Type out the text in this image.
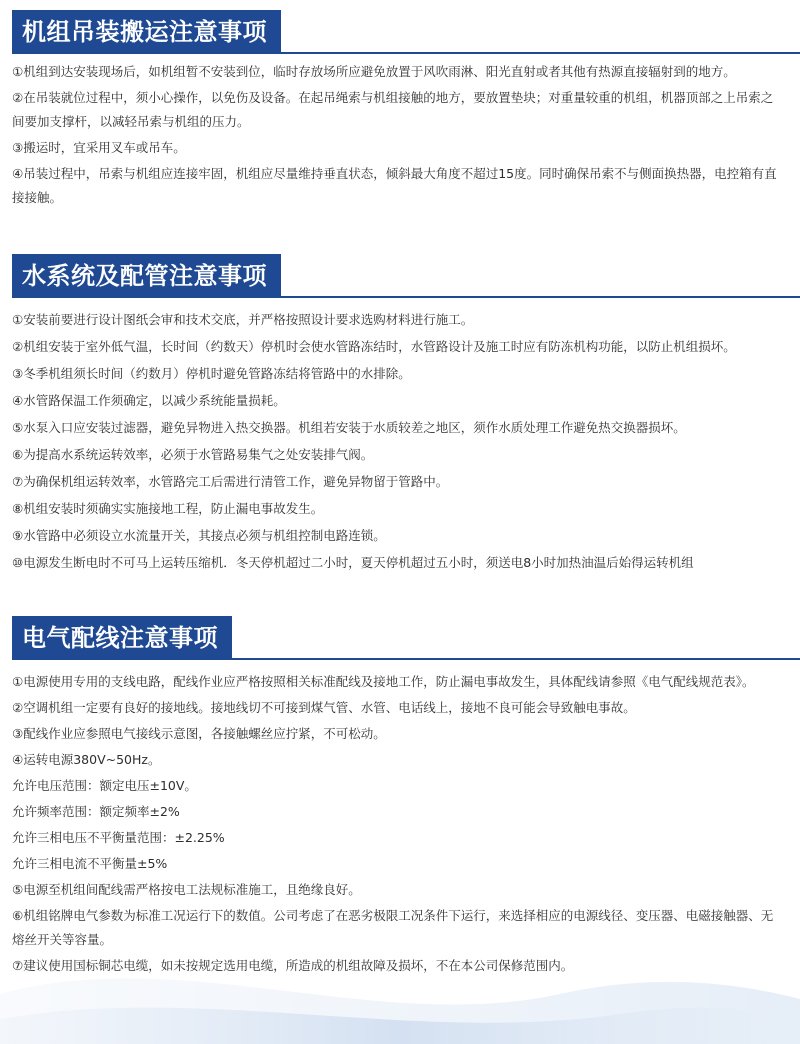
机组吊装搬运注意事项
①机组到达安装现场后，如机组暂不安装到位，临时存放场所应避免放置于风吹雨淋、阳光直射或者其他有热源直接辐射到的地方。
②在吊装就位过程中，须小心操作，以免伤及设备。在起吊绳索与机组接触的地方，要放置垫块；对重量较重的机组，机器顶部之上吊索之间要加支撑杆，以减轻吊索与机组的压力。
③搬运时，宜采用叉车或吊车。
④吊装过程中，吊索与机组应连接牢固，机组应尽量维持垂直状态，倾斜最大角度不超过15度。同时确保吊索不与侧面换热器，电控箱有直接接触。
水系统及配管注意事项
①安装前要进行设计图纸会审和技术交底，并严格按照设计要求选购材料进行施工。
②机组安装于室外低气温，长时间（约数天）停机时会使水管路冻结时，水管路设计及施工时应有防冻机构功能，以防止机组损坏。
③冬季机组须长时间（约数月）停机时避免管路冻结将管路中的水排除。
④水管路保温工作须确定，以减少系统能量损耗。
⑤水泵入口应安装过滤器，避免异物进入热交换器。机组若安装于水质较差之地区，须作水质处理工作避免热交换器损坏。
⑥为提高水系统运转效率，必须于水管路易集气之处安装排气阀。
⑦为确保机组运转效率，水管路完工后需进行清管工作，避免异物留于管路中。
⑧机组安装时须确实实施接地工程，防止漏电事故发生。
⑨水管路中必须设立水流量开关，其接点必须与机组控制电路连锁。
⑩电源发生断电时不可马上运转压缩机．冬天停机超过二小时，夏天停机超过五小时，须送电8小时加热油温后始得运转机组
电气配线注意事项
①电源使用专用的支线电路，配线作业应严格按照相关标准配线及接地工作，防止漏电事故发生，具体配线请参照《电气配线规范表》。
②空调机组一定要有良好的接地线。接地线切不可接到煤气管、水管、电话线上，接地不良可能会导致触电事故。
③配线作业应参照电气接线示意图，各接触螺丝应拧紧，不可松动。
④运转电源380V~50Hz。
允许电压范围：额定电压±10V。
允许频率范围：额定频率±2%
允许三相电压不平衡量范围：±2.25%
允许三相电流不平衡量±5%
⑤电源至机组间配线需严格按电工法规标准施工，且绝缘良好。
⑥机组铭牌电气参数为标准工况运行下的数值。公司考虑了在恶劣极限工况条件下运行，来选择相应的电源线径、变压器、电磁接触器、无熔丝开关等容量。
⑦建议使用国标铜芯电缆，如未按规定选用电缆，所造成的机组故障及损坏，不在本公司保修范围内。
